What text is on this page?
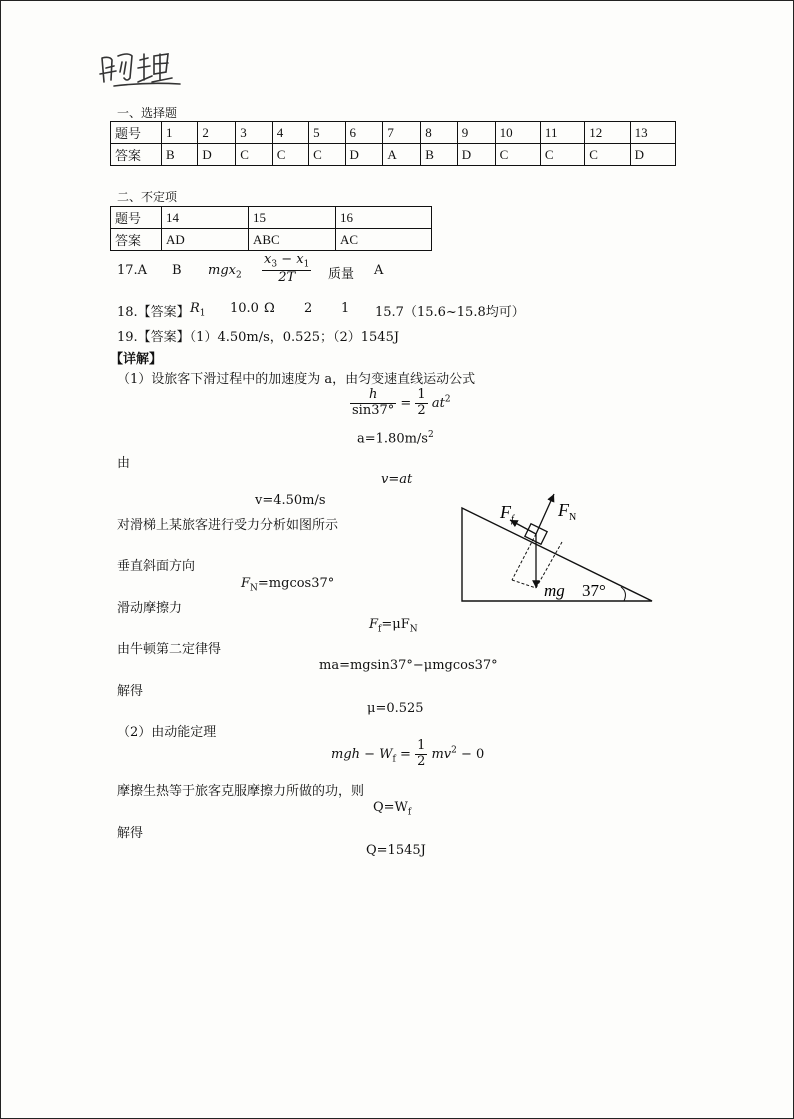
物理
一、选择题
题号	1	2	3	4	5	6	7	8	9	10	11	12	13
答案	B	D	C	C	C	D	A	B	D	C	C	C	D
二、不定项
题号	14	15	16
答案	AD	ABC	AC
17.A B $mgx_2 \frac{x_3 - x_1}{2T}$ 质量 A
18.【答案】 $R_1$ 10.0 Ω 2 1 15.7（15.6~15.8均可）
19.【答案】（1）4.50m/s，0.525；（2）1545J
【详解】
（1）设旅客下滑过程中的加速度为 a，由匀变速直线运动公式
$\frac{h}{\sin 37^\circ} = \frac{1}{2} at^2$
$a=1.80m/s^2$
由
v=at
v=4.50m/s
对滑梯上某旅客进行受力分析如图所示
垂直斜面方向
$F_N=mgcos37^\circ$
滑动摩擦力
$F_f=\mu F_N$
由牛顿第二定律得
ma=mgsin37°−μmgcos37°
解得
μ=0.525
（2）由动能定理
mgh − $W_f = \frac{1}{2} mv^2 - 0$
摩擦生热等于旅客克服摩擦力所做的功，则
$Q=W_f$
解得
Q=1545J
$F_f$ $F_N$
mg 37°
